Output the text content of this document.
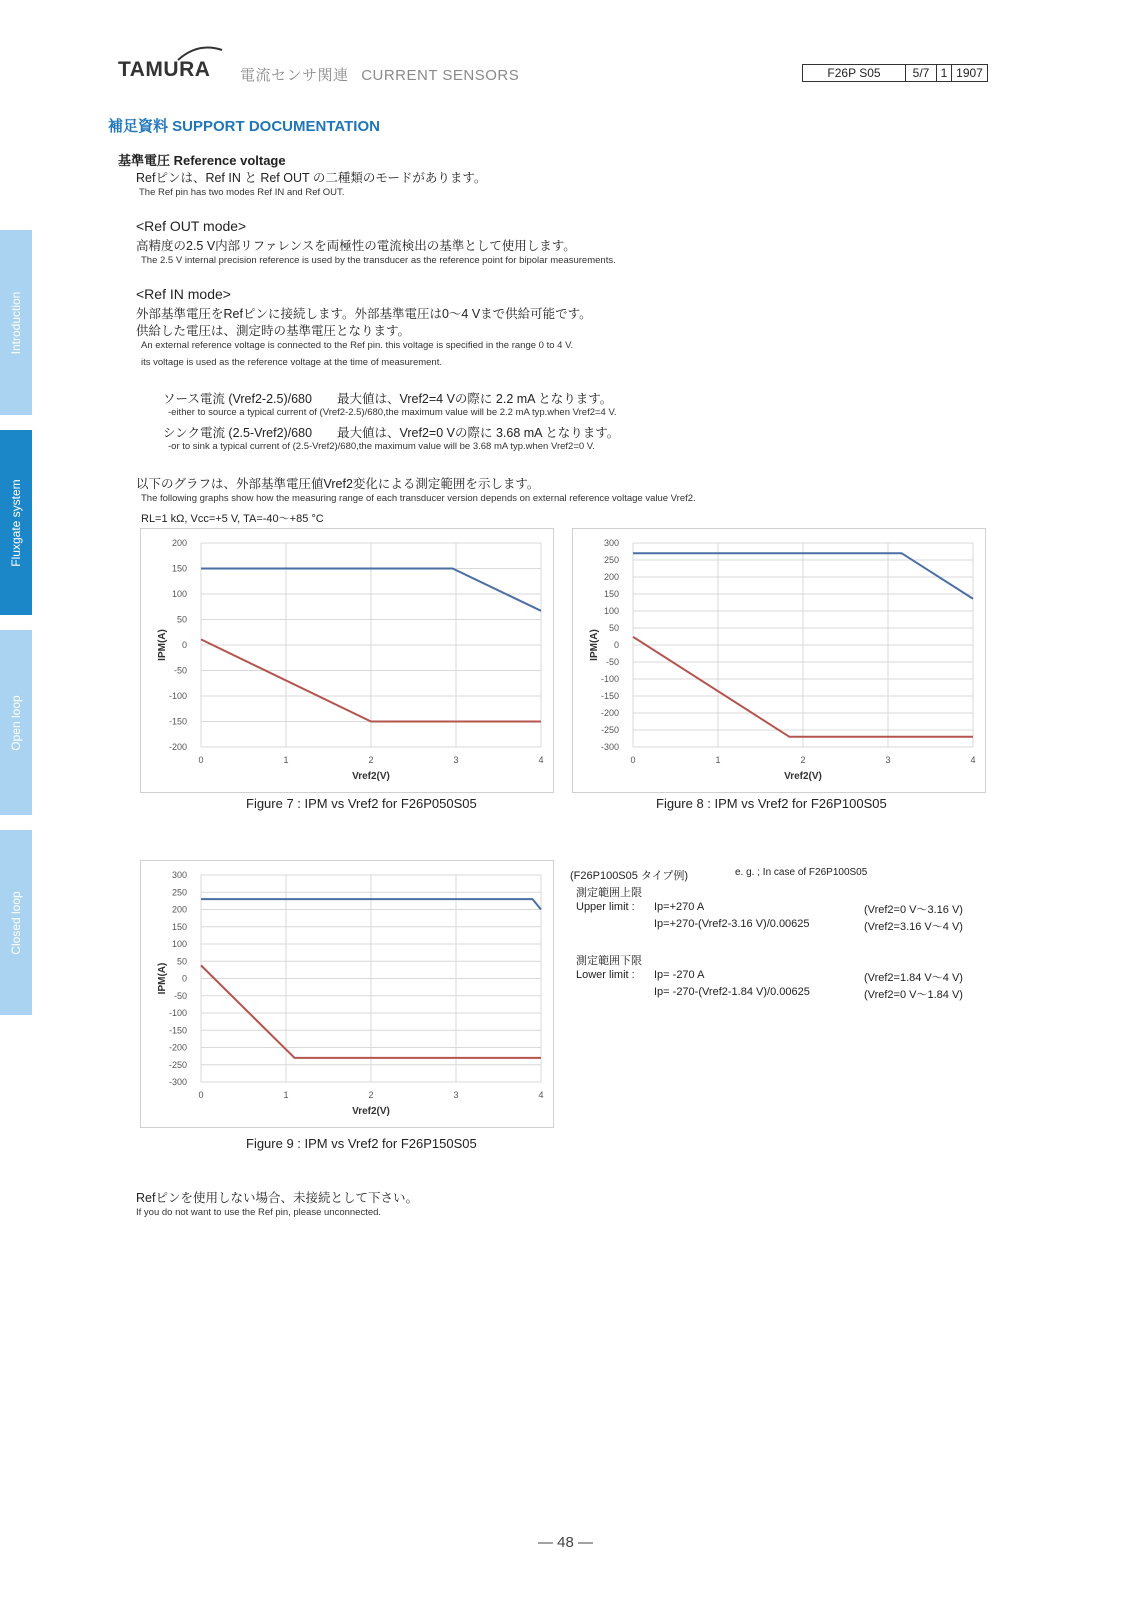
TAMURA 電流センサ関連 CURRENT SENSORS	F26P S05	5/7 1 1907
Introduction
Fluxgate system
Open loop
Closed loop
補足資料 SUPPORT DOCUMENTATION
基準電圧 Reference voltage
Refピンは、Ref IN と Ref OUT の二種類のモードがあります。
The Ref pin has two modes Ref IN and Ref OUT.
<Ref OUT mode>
高精度の2.5 V内部リファレンスを両極性の電流検出の基準として使用します。
The 2.5 V internal precision reference is used by the transducer as the reference point for bipolar measurements.
<Ref IN mode>
外部基準電圧をRefピンに接続します。外部基準電圧は0～4 Vまで供給可能です。
供給した電圧は、測定時の基準電圧となります。
An external reference voltage is connected to the Ref pin. this voltage is specified in the range 0 to 4 V.
its voltage is used as the reference voltage at the time of measurement.
ソース電流 (Vref2-2.5)/680　　最大値は、Vref2=4 Vの際に 2.2 mA となります。
-either to source a typical current of (Vref2-2.5)/680,the maximum value will be 2.2 mA typ.when Vref2=4 V.
シンク電流 (2.5-Vref2)/680　　最大値は、Vref2=0 Vの際に 3.68 mA となります。
-or to sink a typical current of (2.5-Vref2)/680,the maximum value will be 3.68 mA typ.when Vref2=0 V.
以下のグラフは、外部基準電圧値Vref2変化による測定範囲を示します。
The following graphs show how the measuring range of each transducer version depends on external reference voltage value Vref2.
RL=1 kΩ, Vcc=+5 V, TA=-40～+85 °C
200
150
100
50
0
-50
-100
-150
-200
0	1	2	3	4
Vref2(V)
IPM(A)
Figure 7 : IPM vs Vref2 for F26P050S05
300
250
200
150
100
50
0
-50
-100
-150
-200
-250
-300
0	1	2	3	4
Vref2(V)
IPM(A)
Figure 8 : IPM vs Vref2 for F26P100S05
300
250
200
150
100
50
0
-50
-100
-150
-200
-250
-300
0	1	2	3	4
Vref2(V)
IPM(A)
Figure 9 : IPM vs Vref2 for F26P150S05
(F26P100S05 タイプ例)	e. g. ; In case of F26P100S05
測定範囲上限
Upper limit : Ip=+270 A	(Vref2=0 V～3.16 V)
Ip=+270-(Vref2-3.16 V)/0.00625	(Vref2=3.16 V～4 V)
測定範囲下限
Lower limit : Ip= -270 A	(Vref2=1.84 V～4 V)
Ip= -270-(Vref2-1.84 V)/0.00625	(Vref2=0 V～1.84 V)
Refピンを使用しない場合、未接続として下さい。
If you do not want to use the Ref pin, please unconnected.
— 48 —
